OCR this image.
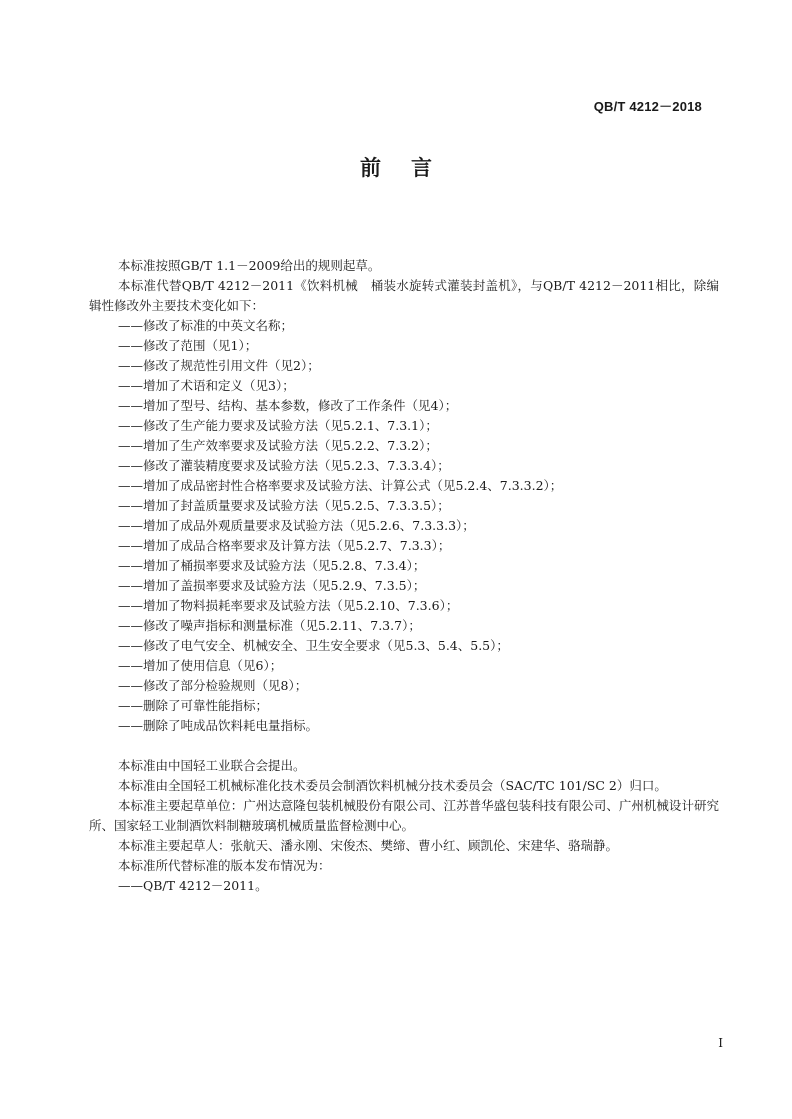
QB/T 4212－2018
前 言

本标准按照GB/T 1.1－2009给出的规则起草。

本标准代替QB/T 4212－2011《饮料机械　桶装水旋转式灌装封盖机》，与QB/T 4212－2011相比，除编辑性修改外主要技术变化如下：

——修改了标准的中英文名称；

——修改了范围（见1）；

——修改了规范性引用文件（见2）；

——增加了术语和定义（见3）；

——增加了型号、结构、基本参数，修改了工作条件（见4）；

——修改了生产能力要求及试验方法（见5.2.1、7.3.1）；

——增加了生产效率要求及试验方法（见5.2.2、7.3.2）；

——修改了灌装精度要求及试验方法（见5.2.3、7.3.3.4）；

——增加了成品密封性合格率要求及试验方法、计算公式（见5.2.4、7.3.3.2）；

——增加了封盖质量要求及试验方法（见5.2.5、7.3.3.5）；

——增加了成品外观质量要求及试验方法（见5.2.6、7.3.3.3）；

——增加了成品合格率要求及计算方法（见5.2.7、7.3.3）；

——增加了桶损率要求及试验方法（见5.2.8、7.3.4）；

——增加了盖损率要求及试验方法（见5.2.9、7.3.5）；

——增加了物料损耗率要求及试验方法（见5.2.10、7.3.6）；

——修改了噪声指标和测量标准（见5.2.11、7.3.7）；

——修改了电气安全、机械安全、卫生安全要求（见5.3、5.4、5.5）；

——增加了使用信息（见6）；

——修改了部分检验规则（见8）；

——删除了可靠性能指标；

——删除了吨成品饮料耗电量指标。

本标准由中国轻工业联合会提出。

本标准由全国轻工机械标准化技术委员会制酒饮料机械分技术委员会（SAC/TC 101/SC 2）归口。

本标准主要起草单位：广州达意隆包装机械股份有限公司、江苏普华盛包装科技有限公司、广州机械设计研究所、国家轻工业制酒饮料制糖玻璃机械质量监督检测中心。

本标准主要起草人：张航天、潘永刚、宋俊杰、樊缔、曹小红、顾凯伦、宋建华、骆瑞静。

本标准所代替标准的版本发布情况为：

——QB/T 4212－2011。

I
